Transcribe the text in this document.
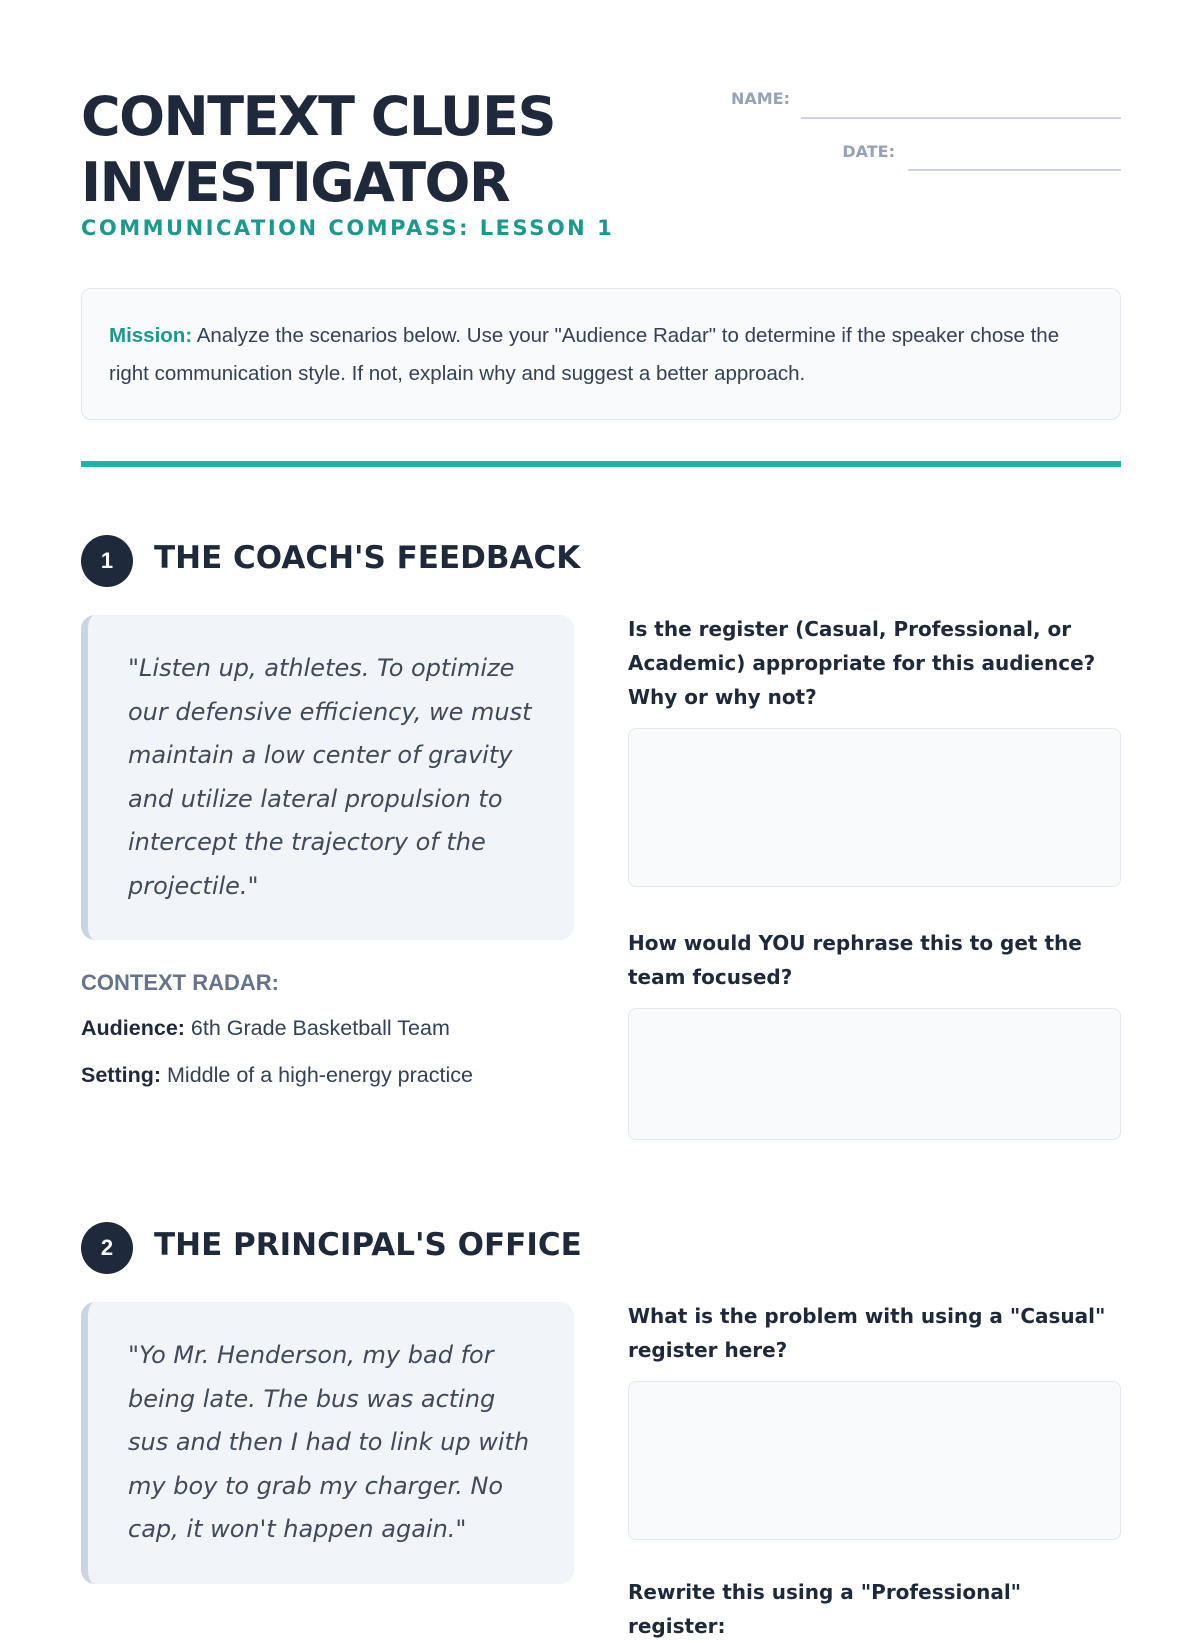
CONTEXT CLUES
INVESTIGATOR
COMMUNICATION COMPASS: LESSON 1
NAME:
DATE:
Mission: Analyze the scenarios below. Use your "Audience Radar" to determine if the speaker chose the right communication style. If not, explain why and suggest a better approach.
1	THE COACH'S FEEDBACK
"Listen up, athletes. To optimize our defensive efficiency, we must maintain a low center of gravity and utilize lateral propulsion to intercept the trajectory of the projectile."
CONTEXT RADAR:
Audience: 6th Grade Basketball Team
Setting: Middle of a high-energy practice
Is the register (Casual, Professional, or Academic) appropriate for this audience? Why or why not?
How would YOU rephrase this to get the team focused?
2	THE PRINCIPAL'S OFFICE
"Yo Mr. Henderson, my bad for being late. The bus was acting sus and then I had to link up with my boy to grab my charger. No cap, it won't happen again."
What is the problem with using a "Casual" register here?
Rewrite this using a "Professional" register:
